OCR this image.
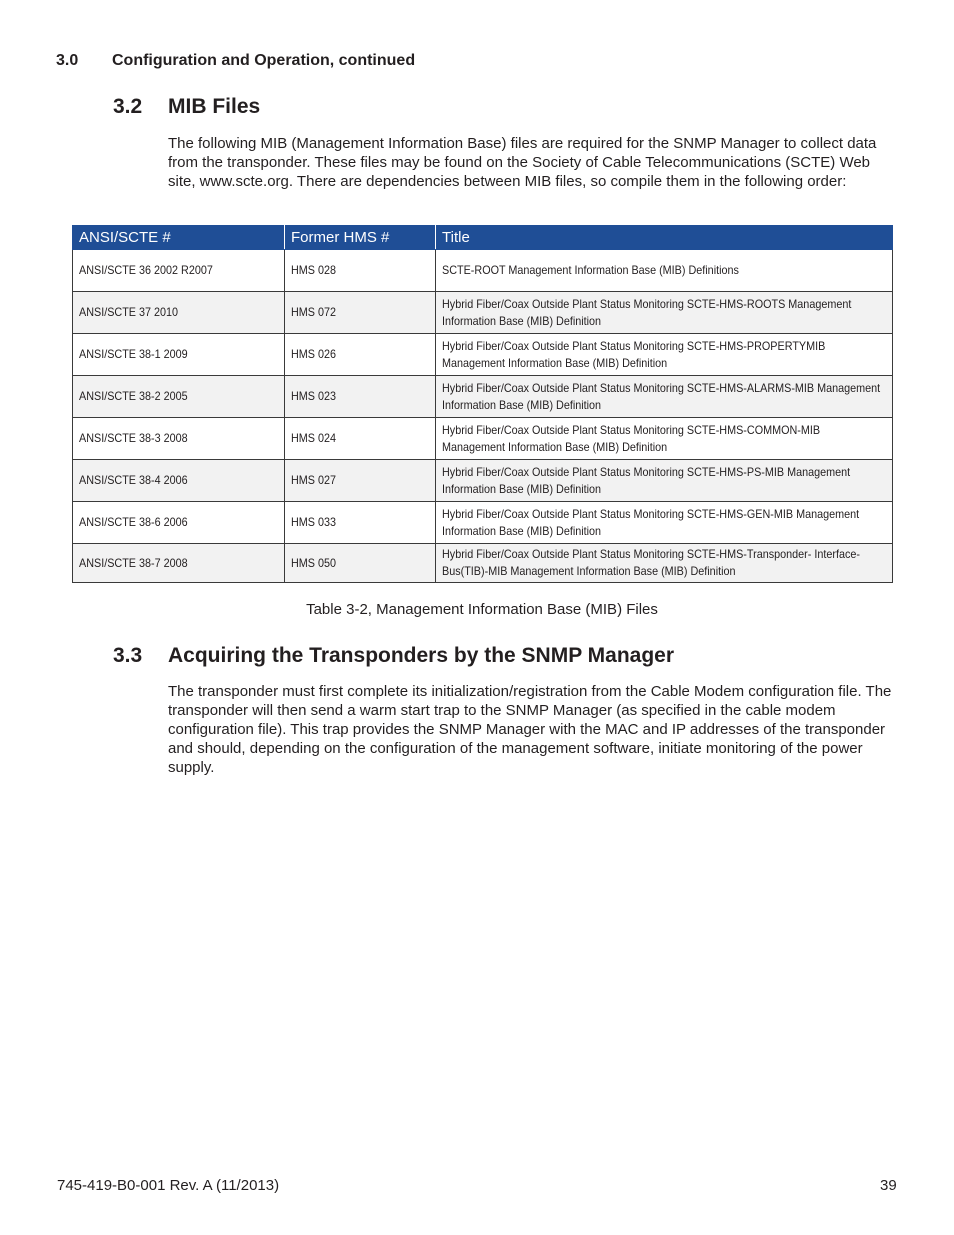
3.0	Configuration and Operation, continued
3.2	MIB Files

The following MIB (Management Information Base) files are required for the SNMP Manager to collect data from the transponder. These files may be found on the Society of Cable Telecommunications (SCTE) Web site, www.scte.org. There are dependencies between MIB files, so compile them in the following order:

ANSI/SCTE #	Former HMS #	Title
ANSI/SCTE 36 2002 R2007	HMS 028	SCTE-ROOT Management Information Base (MIB) Definitions
ANSI/SCTE 37 2010	HMS 072	Hybrid Fiber/Coax Outside Plant Status Monitoring SCTE-HMS-ROOTS Management Information Base (MIB) Definition
ANSI/SCTE 38-1 2009	HMS 026	Hybrid Fiber/Coax Outside Plant Status Monitoring SCTE-HMS-PROPERTYMIB Management Information Base (MIB) Definition
ANSI/SCTE 38-2 2005	HMS 023	Hybrid Fiber/Coax Outside Plant Status Monitoring SCTE-HMS-ALARMS-MIB Management Information Base (MIB) Definition
ANSI/SCTE 38-3 2008	HMS 024	Hybrid Fiber/Coax Outside Plant Status Monitoring SCTE-HMS-COMMON-MIB Management Information Base (MIB) Definition
ANSI/SCTE 38-4 2006	HMS 027	Hybrid Fiber/Coax Outside Plant Status Monitoring SCTE-HMS-PS-MIB Management Information Base (MIB) Definition
ANSI/SCTE 38-6 2006	HMS 033	Hybrid Fiber/Coax Outside Plant Status Monitoring SCTE-HMS-GEN-MIB Management Information Base (MIB) Definition
ANSI/SCTE 38-7 2008	HMS 050	Hybrid Fiber/Coax Outside Plant Status Monitoring SCTE-HMS-Transponder- Interface-Bus(TIB)-MIB Management Information Base (MIB) Definition
Table 3-2, Management Information Base (MIB) Files
3.3	Acquiring the Transponders by the SNMP Manager

The transponder must first complete its initialization/registration from the Cable Modem configuration file. The transponder will then send a warm start trap to the SNMP Manager (as specified in the cable modem configuration file). This trap provides the SNMP Manager with the MAC and IP addresses of the transponder and should, depending on the configuration of the management software, initiate monitoring of the power supply.

745-419-B0-001 Rev. A (11/2013)	39
